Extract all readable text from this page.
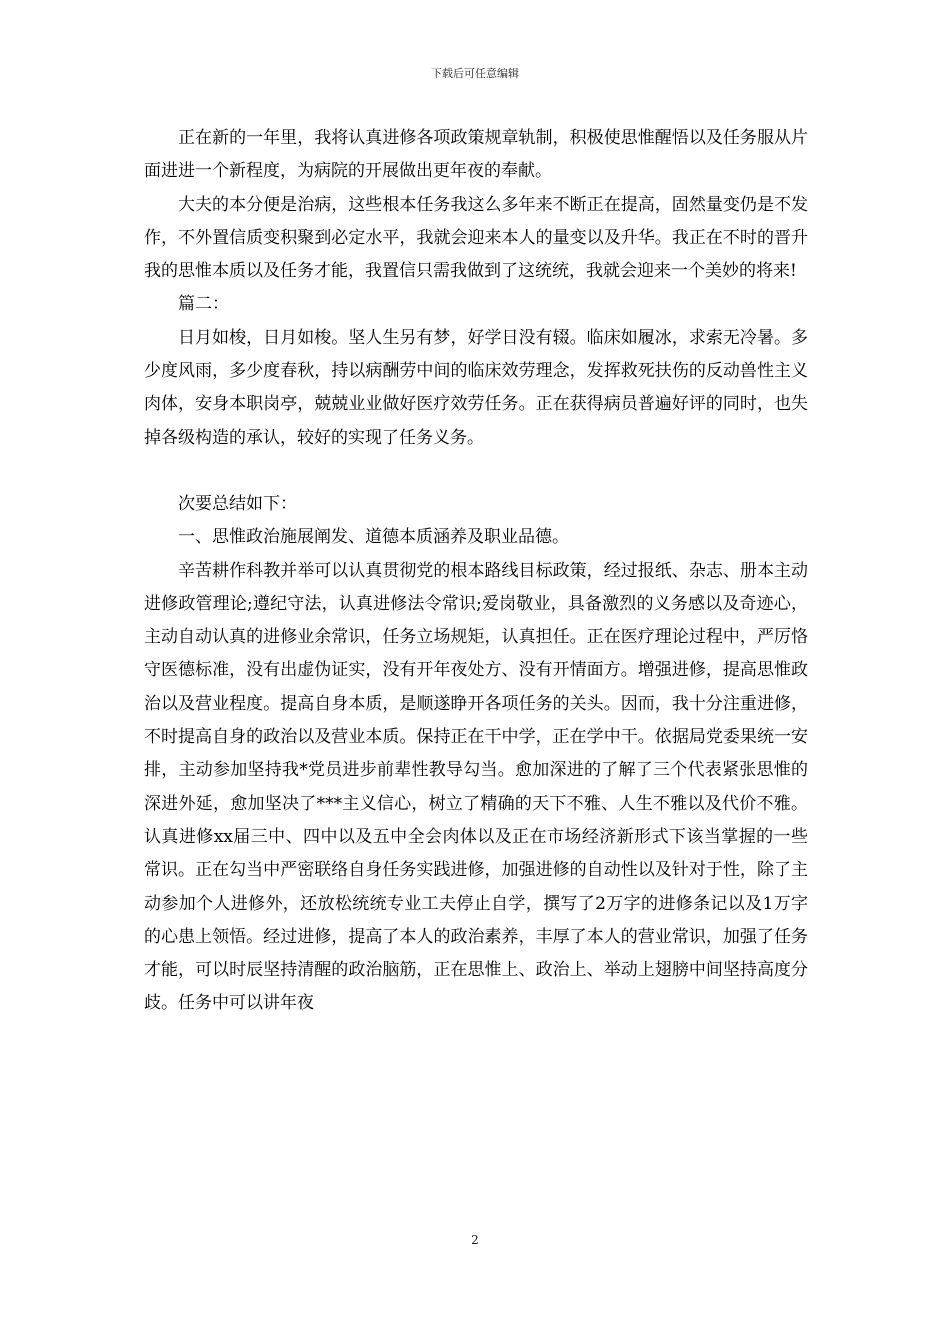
下载后可任意编辑

正在新的一年里，我将认真进修各项政策规章轨制，积极使思惟醒悟以及任务服从片面进进一个新程度，为病院的开展做出更年夜的奉献。

大夫的本分便是治病，这些根本任务我这么多年来不断正在提高，固然量变仍是不发作，不外置信质变积聚到必定水平，我就会迎来本人的量变以及升华。我正在不时的晋升我的思惟本质以及任务才能，我置信只需我做到了这统统，我就会迎来一个美妙的将来!

篇二：

日月如梭，日月如梭。坚人生另有梦，好学日没有辍。临床如履冰，求索无冷暑。多少度风雨，多少度春秋，持以病酬劳中间的临床效劳理念，发挥救死扶伤的反动兽性主义肉体，安身本职岗亭，兢兢业业做好医疗效劳任务。正在获得病员普遍好评的同时，也失掉各级构造的承认，较好的实现了任务义务。

次要总结如下：

一、思惟政治施展阐发、道德本质涵养及职业品德。

辛苦耕作科教并举可以认真贯彻党的根本路线目标政策，经过报纸、杂志、册本主动进修政管理论;遵纪守法，认真进修法令常识;爱岗敬业，具备激烈的义务感以及奇迹心，主动自动认真的进修业余常识，任务立场规矩，认真担任。正在医疗理论过程中，严厉恪守医德标准，没有出虚伪证实，没有开年夜处方、没有开情面方。增强进修，提高思惟政治以及营业程度。提高自身本质，是顺遂睁开各项任务的关头。因而，我十分注重进修，不时提高自身的政治以及营业本质。保持正在干中学，正在学中干。依据局党委果统一安排，主动参加坚持我*党员进步前辈性教导勾当。愈加深进的了解了三个代表紧张思惟的深进外延，愈加坚决了***主义信心，树立了精确的天下不雅、人生不雅以及代价不雅。认真进修xx届三中、四中以及五中全会肉体以及正在市场经济新形式下该当掌握的一些常识。正在勾当中严密联络自身任务实践进修，加强进修的自动性以及针对于性，除了主动参加个人进修外，还放松统统专业工夫停止自学，撰写了2万字的进修条记以及1万字的心患上领悟。经过进修，提高了本人的政治素养，丰厚了本人的营业常识，加强了任务才能，可以时辰坚持清醒的政治脑筋，正在思惟上、政治上、举动上翅膀中间坚持高度分歧。任务中可以讲年夜

2
